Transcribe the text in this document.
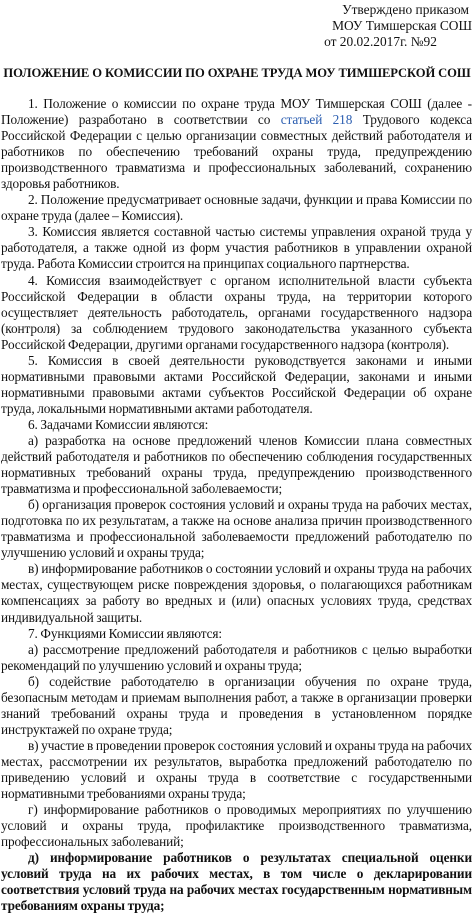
Утверждено приказом
МОУ Тимшерская СОШ
от 20.02.2017г. №92
ПОЛОЖЕНИЕ О КОМИССИИ ПО ОХРАНЕ ТРУДА МОУ ТИМШЕРСКОЙ СОШ

1. Положение о комиссии по охране труда МОУ Тимшерская СОШ (далее - Положение) разработано в соответствии со статьей 218 Трудового кодекса Российской Федерации с целью организации совместных действий работодателя и работников по обеспечению требований охраны труда, предупреждению производственного травматизма и профессиональных заболеваний, сохранению здоровья работников.

2. Положение предусматривает основные задачи, функции и права Комиссии по охране труда (далее – Комиссия).

3. Комиссия является составной частью системы управления охраной труда у работодателя, а также одной из форм участия работников в управлении охраной труда. Работа Комиссии строится на принципах социального партнерства.

4. Комиссия взаимодействует с органом исполнительной власти субъекта Российской Федерации в области охраны труда, на территории которого осуществляет деятельность работодатель, органами государственного надзора (контроля) за соблюдением трудового законодательства указанного субъекта Российской Федерации, другими органами государственного надзора (контроля).

5. Комиссия в своей деятельности руководствуется законами и иными нормативными правовыми актами Российской Федерации, законами и иными нормативными правовыми актами субъектов Российской Федерации об охране труда, локальными нормативными актами работодателя.

6. Задачами Комиссии являются:

а) разработка на основе предложений членов Комиссии плана совместных действий работодателя и работников по обеспечению соблюдения государственных нормативных требований охраны труда, предупреждению производственного травматизма и профессиональной заболеваемости;

б) организация проверок состояния условий и охраны труда на рабочих местах, подготовка по их результатам, а также на основе анализа причин производственного травматизма и профессиональной заболеваемости предложений работодателю по улучшению условий и охраны труда;

в) информирование работников о состоянии условий и охраны труда на рабочих местах, существующем риске повреждения здоровья, о полагающихся работникам компенсациях за работу во вредных и (или) опасных условиях труда, средствах индивидуальной защиты.

7. Функциями Комиссии являются:

а) рассмотрение предложений работодателя и работников с целью выработки рекомендаций по улучшению условий и охраны труда;

б) содействие работодателю в организации обучения по охране труда, безопасным методам и приемам выполнения работ, а также в организации проверки знаний требований охраны труда и проведения в установленном порядке инструктажей по охране труда;

в) участие в проведении проверок состояния условий и охраны труда на рабочих местах, рассмотрении их результатов, выработка предложений работодателю по приведению условий и охраны труда в соответствие с государственными нормативными требованиями охраны труда;

г) информирование работников о проводимых мероприятиях по улучшению условий и охраны труда, профилактике производственного травматизма, профессиональных заболеваний;

д) информирование работников о результатах специальной оценки условий труда на их рабочих местах, в том числе о декларировании соответствия условий труда на рабочих местах государственным нормативным требованиям охраны труда;
